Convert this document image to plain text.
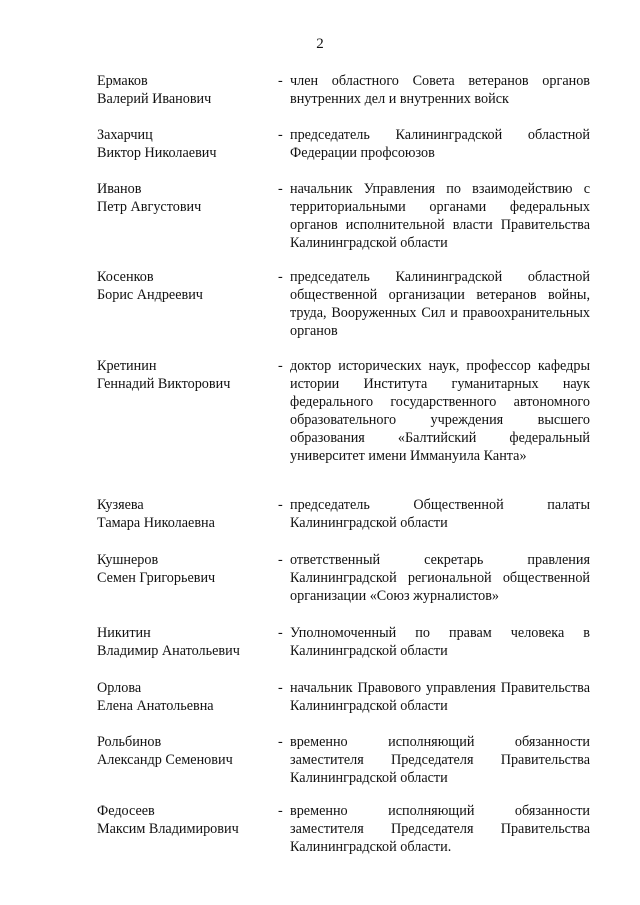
2
Ермаков
Валерий Иванович
- член областного Совета ветеранов органов внутренних дел и внутренних войск
Захарчиц
Виктор Николаевич
- председатель Калининградской областной Федерации профсоюзов
Иванов
Петр Августович
- начальник Управления по взаимодействию с территориальными органами федеральных органов исполнительной власти Правительства Калининградской области
Косенков
Борис Андреевич
- председатель Калининградской областной общественной организации ветеранов войны, труда, Вооруженных Сил и правоохранительных органов
Кретинин
Геннадий Викторович
- доктор исторических наук, профессор кафедры истории Института гуманитарных наук федерального государственного автономного образовательного учреждения высшего образования «Балтийский федеральный университет имени Иммануила Канта»
Кузяева
Тамара Николаевна
- председатель Общественной палаты Калининградской области
Кушнеров
Семен Григорьевич
- ответственный секретарь правления Калининградской региональной общественной организации «Союз журналистов»
Никитин
Владимир Анатольевич
- Уполномоченный по правам человека в Калининградской области
Орлова
Елена Анатольевна
- начальник Правового управления Правительства Калининградской области
Рольбинов
Александр Семенович
- временно исполняющий обязанности заместителя Председателя Правительства Калининградской области
Федосеев
Максим Владимирович
- временно исполняющий обязанности заместителя Председателя Правительства Калининградской области.
